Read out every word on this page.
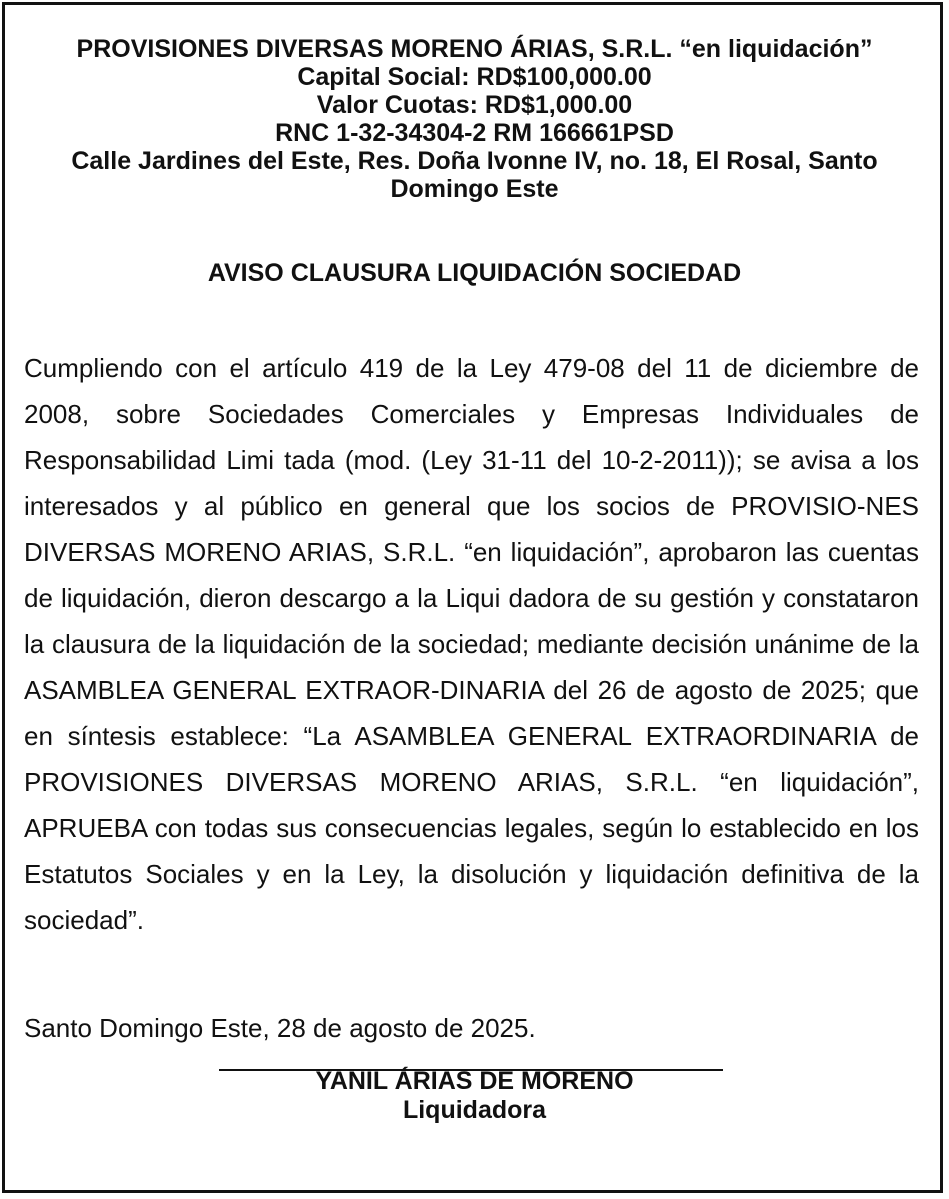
PROVISIONES DIVERSAS MORENO ÁRIAS, S.R.L. “en liquidación”
Capital Social: RD$100,000.00
Valor Cuotas: RD$1,000.00
RNC 1-32-34304-2 RM 166661PSD
Calle Jardines del Este, Res. Doña Ivonne IV, no. 18, El Rosal, Santo Domingo Este
AVISO CLAUSURA LIQUIDACIÓN SOCIEDAD
Cumpliendo con el artículo 419 de la Ley 479-08 del 11 de diciembre de 2008, sobre Sociedades Comerciales y Empresas Individuales de Responsabilidad Limi tada (mod. (Ley 31-11 del 10-2-2011)); se avisa a los interesados y al público en general que los socios de PROVISIO-NES DIVERSAS MORENO ARIAS, S.R.L. “en liquidación”, aprobaron las cuentas de liquidación, dieron descargo a la Liqui dadora de su gestión y constataron la clausura de la liquidación de la sociedad; mediante decisión unánime de la ASAMBLEA GENERAL EXTRAOR-DINARIA del 26 de agosto de 2025; que en síntesis establece: “La ASAMBLEA GENERAL EXTRAORDINARIA de PROVISIONES DIVERSAS MORENO ARIAS, S.R.L. “en liquidación”, APRUEBA con todas sus consecuencias legales, según lo establecido en los Estatutos Sociales y en la Ley, la disolución y liquidación definitiva de la sociedad”.
Santo Domingo Este, 28 de agosto de 2025.
YANIL ÁRIAS DE MORENO
Liquidadora
